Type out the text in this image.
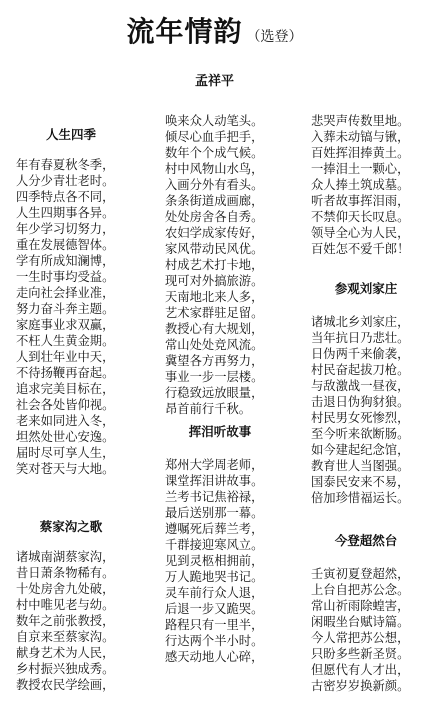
流年情韵 （选登）
孟祥平
人生四季
年有春夏秋冬季，
人分少青壮老时。
四季特点各不同，
人生四期事各异。
年少学习切努力，
重在发展德智体。
学有所成知澜博，
一生时事均受益。
走向社会择业准，
努力奋斗奔主题。
家庭事业求双赢，
不枉人生黄金期。
人到壮年业中天，
不待扬鞭再奋起。
追求完美目标在，
社会各处皆仰视。
老来如同进入冬，
坦然处世心安逸。
届时尽可享人生，
笑对苍天与大地。
蔡家沟之歌
诸城南湖蔡家沟，
昔日萧条物稀有。
十处房舍九处破，
村中唯见老与幼。
数年之前张教授，
自京来至蔡家沟。
献身艺术为人民，
乡村振兴独成秀。
教授农民学绘画，
唤来众人动笔头。
倾尽心血手把手，
数年个个成气候。
村中风物山水鸟，
入画分外有看头。
条条街道成画廊，
处处房舍各自秀。
农妇学成家传好，
家风带动民风优。
村成艺术打卡地，
现可对外搞旅游。
天南地北来人多，
艺术家群驻足留。
教授心有大规划，
常山处处竞风流。
冀望各方再努力，
事业一步一层楼。
行稳致远放眼量，
昂首前行千秋。
挥泪听故事
郑州大学周老师，
课堂挥泪讲故事。
兰考书记焦裕禄，
最后送别那一幕。
遵嘱死后葬兰考，
千群接迎寒风立。
见到灵柩相拥前，
万人跪地哭书记。
灵车前行众人退，
后退一步又跪哭。
路程只有一里半，
行达两个半小时。
感天动地人心碎，
悲哭声传数里地。
入葬未动镐与锹，
百姓挥泪捧黄土。
一捧泪土一颗心，
众人捧土筑成墓。
听者故事挥泪雨，
不禁仰天长叹息。
领导全心为人民，
百姓怎不爱千郎！
参观刘家庄
诸城北乡刘家庄，
当年抗日乃悲壮。
日伪两千来偷袭，
村民奋起拔刀枪。
与敌激战一昼夜，
击退日伪狗豺狼。
村民男女死惨烈，
至今听来欲断肠。
如今建起纪念馆，
教育世人当图强。
国泰民安来不易，
倍加珍惜福运长。
今登超然台
壬寅初夏登超然，
上台自把苏公念。
常山祈雨除蝗害，
闲暇坐台赋诗篇。
今人常把苏公想，
只盼多些新圣贤。
但愿代有人才出，
古密岁岁换新颜。
